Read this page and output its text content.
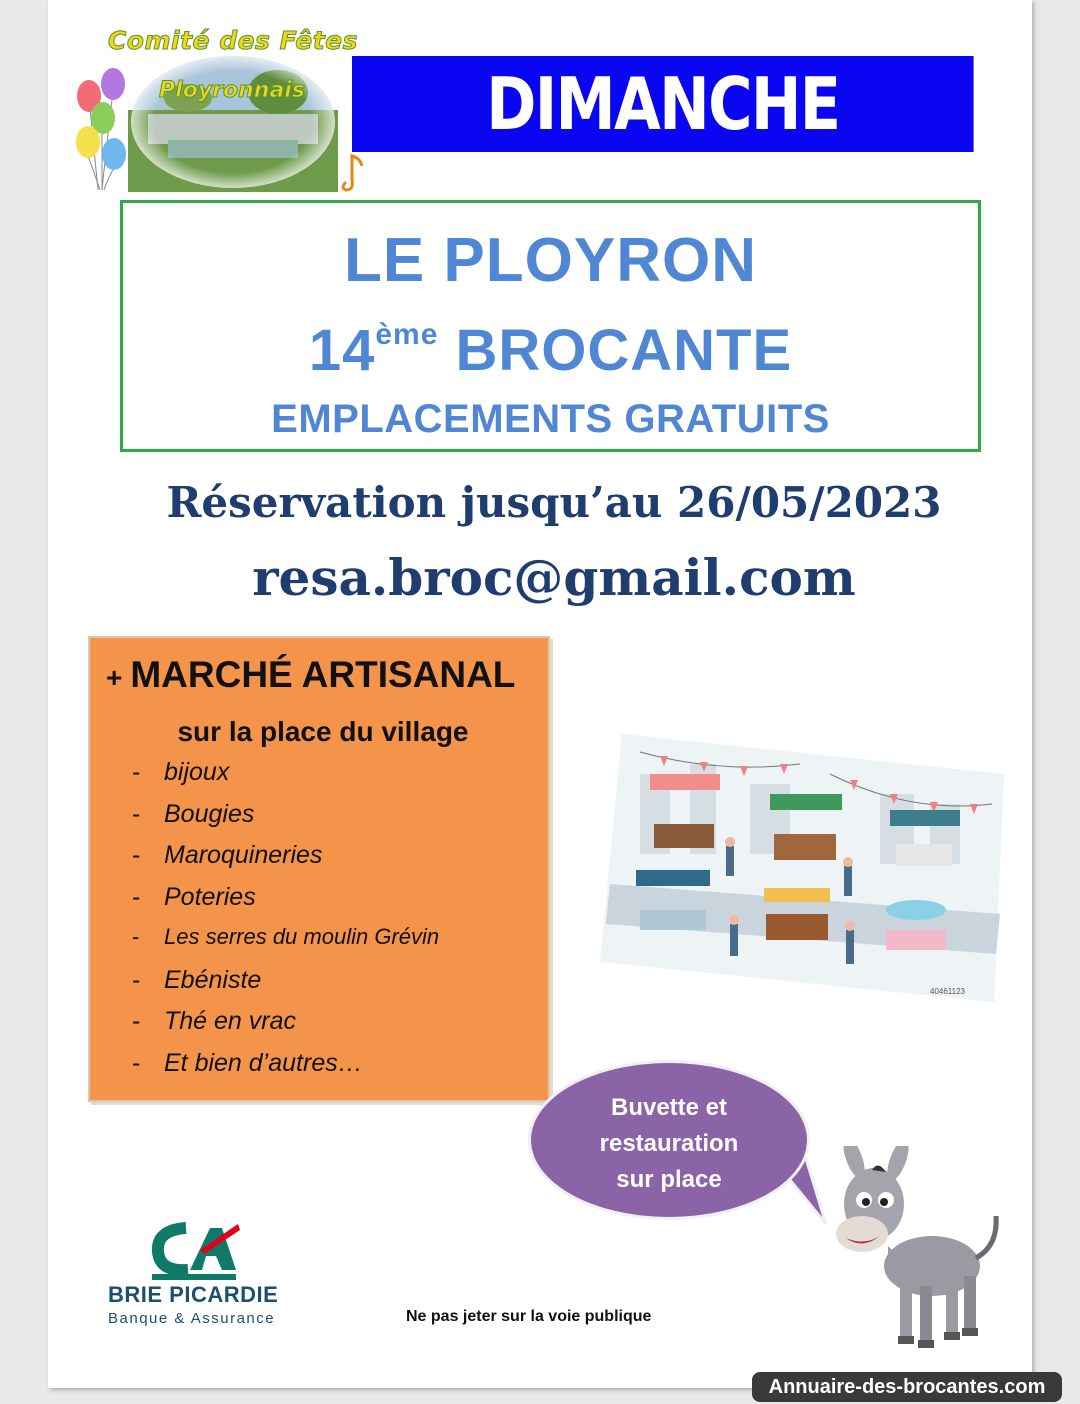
Comité des Fêtes
Ployronnais	DIMANCHE 28/05/23
LE PLOYRON
14ème BROCANTE
EMPLACEMENTS GRATUITS
Réservation jusqu’au 26/05/2023
resa.broc@gmail.com
+ MARCHÉ ARTISANAL
sur la place du village
- bijoux
- Bougies
- Maroquineries
- Poteries
- Les serres du moulin Grévin
- Ebéniste
- Thé en vrac
- Et bien d’autres…
40461123
Buvette et
restauration
sur place
BRIE PICARDIE
Banque & Assurance	Ne pas jeter sur la voie publique
Annuaire-des-brocantes.com
